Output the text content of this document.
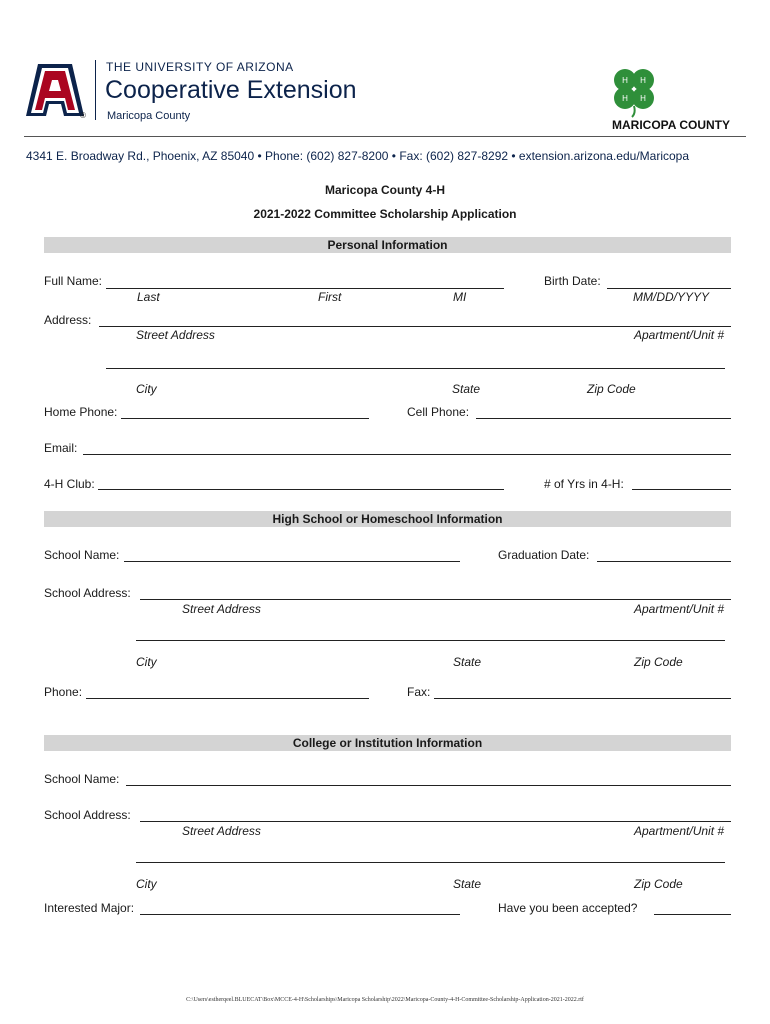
®
THE UNIVERSITY OF ARIZONA
Cooperative Extension
Maricopa County
H H
H H
MARICOPA COUNTY
4341 E. Broadway Rd., Phoenix, AZ 85040 • Phone: (602) 827-8200 • Fax: (602) 827-8292 • extension.arizona.edu/Maricopa
Maricopa County 4-H
2021-2022 Committee Scholarship Application
Personal Information
Full Name:
Last	First	MI
Birth Date:
MM/DD/YYYY
Address:
Street Address	Apartment/Unit #
City	State	Zip Code
Home Phone:	Cell Phone:
Email:
4-H Club:	# of Yrs in 4-H:
High School or Homeschool Information
School Name:	Graduation Date:
School Address:
Street Address	Apartment/Unit #
City	State	Zip Code
Phone:	Fax:
College or Institution Information
School Name:
School Address:
Street Address	Apartment/Unit #
City	State	Zip Code
Interested Major:	Have you been accepted?
C:\Users\estherqeel.BLUECAT\Box\MCCE-4-H\Scholarships\Maricopa Scholarship\2022\Maricopa-County-4-H-Committee-Scholarship-Application-2021-2022.rtf
